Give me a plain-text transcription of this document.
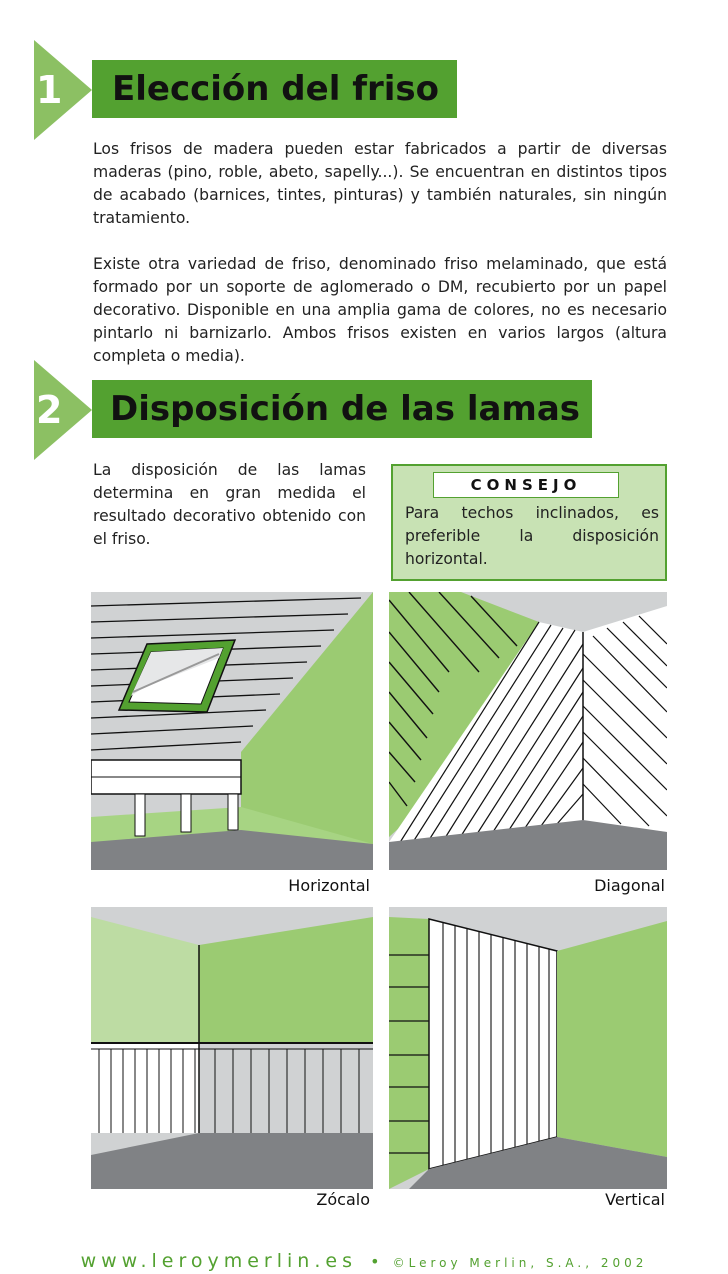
1	Elección del friso

Los frisos de madera pueden estar fabricados a partir de diversas maderas (pino, roble, abeto, sapelly...). Se encuentran en distintos tipos de acabado (barnices, tintes, pinturas) y también naturales, sin ningún tratamiento.

Existe otra variedad de friso, denominado friso melaminado, que está formado por un soporte de aglomerado o DM, recubierto por un papel decorativo. Disponible en una amplia gama de colores, no es necesario pintarlo ni barnizarlo. Ambos frisos existen en varios largos (altura completa o media).

2	Disposición de las lamas

La disposición de las lamas determina en gran medida el resultado decorativo obtenido con el friso.

CONSEJO

Para techos inclinados, es preferible la disposición horizontal.

Horizontal	Diagonal
Zócalo	Vertical
www.leroymerlin.es • ©Leroy Merlin, S.A., 2002
